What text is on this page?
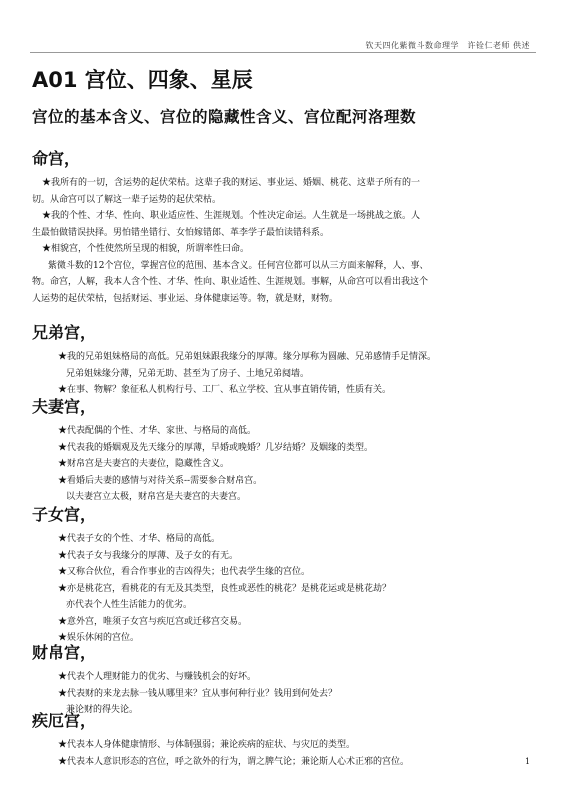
钦天四化紫微斗数命理学　许铨仁老师 供述
A01 宫位、四象、星辰
宫位的基本含义、宫位的隐藏性含义、宫位配河洛理数
命宫，

★我所有的一切，含运势的起伏荣枯。这辈子我的财运、事业运、婚姻、桃花、这辈子所有的一

切。从命宫可以了解这一辈子运势的起伏荣枯。

★我的个性、才华、性向、职业适应性、生涯规划。个性决定命运。人生就是一场挑战之旅。人

生最怕做错误抉择。男怕错坐错行、女怕嫁错郎、革李学子最怕读错科系。

★相貌宫，个性使然所呈现的相貌，所谓率性曰命。

紫微斗数的12个宫位，掌握宫位的范围、基本含义。任何宫位都可以从三方面来解释，人、事、

物。命宫，人解，我本人含个性、才华、性向、职业适性、生涯规划。事解，从命宫可以看出我这个

人运势的起伏荣枯，包括财运、事业运、身体健康运等。物，就是财，财物。

兄弟宫，

★我的兄弟姐妹格局的高低。兄弟姐妹跟我缘分的厚薄。缘分厚称为圆融、兄弟感情手足情深。

兄弟姐妹缘分薄，兄弟无助、甚至为了房子、土地兄弟阋墙。

★在事、物解？象征私人机构行号、工厂、私立学校、宜从事直销传销，性质有关。

夫妻宫，

★代表配偶的个性、才华、家世、与格局的高低。

★代表我的婚姻观及先天缘分的厚薄，早婚或晚婚？几岁结婚？及姻缘的类型。

★财帛宫是夫妻宫的夫妻位，隐藏性含义。

★看婚后夫妻的感情与对待关系--需要参合财帛宫。

以夫妻宫立太极，财帛宫是夫妻宫的夫妻宫。

子女宫，

★代表子女的个性、才华、格局的高低。

★代表子女与我缘分的厚薄、及子女的有无。

★又称合伙位，看合作事业的吉凶得失；也代表学生缘的宫位。

★亦是桃花宫，看桃花的有无及其类型，良性或恶性的桃花？是桃花运或是桃花劫？

亦代表个人性生活能力的优劣。

★意外宫，唯须子女宫与疾厄宫或迁移宫交易。

★娱乐休闲的宫位。

财帛宫，

★代表个人理财能力的优劣、与赚钱机会的好坏。

★代表财的来龙去脉一钱从哪里来？宜从事何种行业？钱用到何处去？

兼论财的得失论。

疾厄宫，

★代表本人身体健康情形、与体制强弱；兼论疾病的症状、与灾厄的类型。

★代表本人意识形态的宫位，呼之欲外的行为，谓之脾气论；兼论斯人心术正邪的宫位。	1
